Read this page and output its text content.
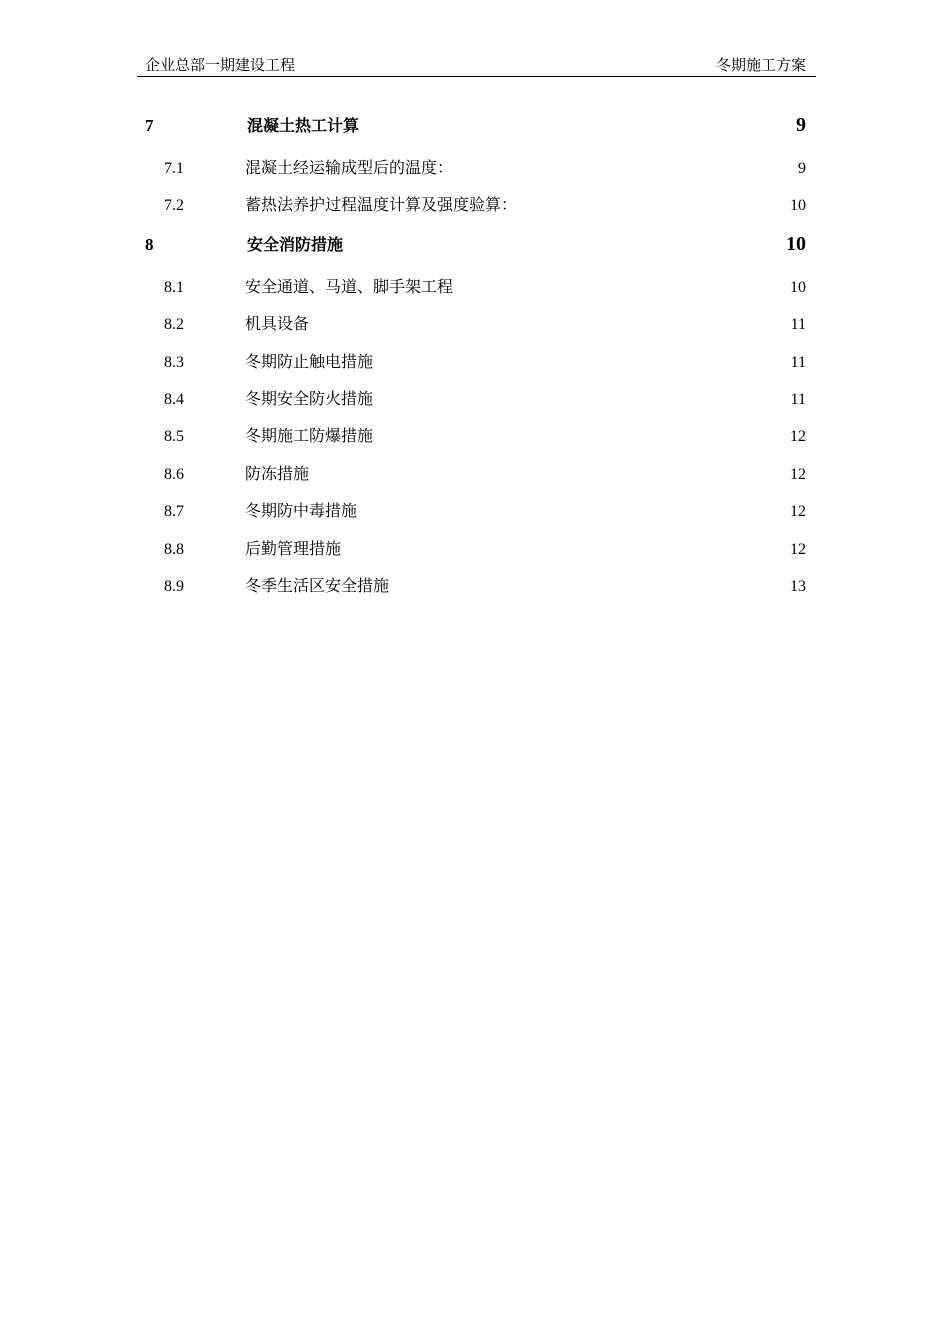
企业总部一期建设工程	冬期施工方案
7	混凝土热工计算 •••••	9
7.1	混凝土经运输成型后的温度： .....	9
7.2	蓄热法养护过程温度计算及强度验算： .....	10
8	安全消防措施 •••••	10
8.1	安全通道、马道、脚手架工程 .....	10
8.2	机具设备 .....	11
8.3	冬期防止触电措施 .....	11
8.4	冬期安全防火措施 .....	11
8.5	冬期施工防爆措施 .....	12
8.6	防冻措施 .....	12
8.7	冬期防中毒措施 .....	12
8.8	后勤管理措施 .....	12
8.9	冬季生活区安全措施 .....	13
